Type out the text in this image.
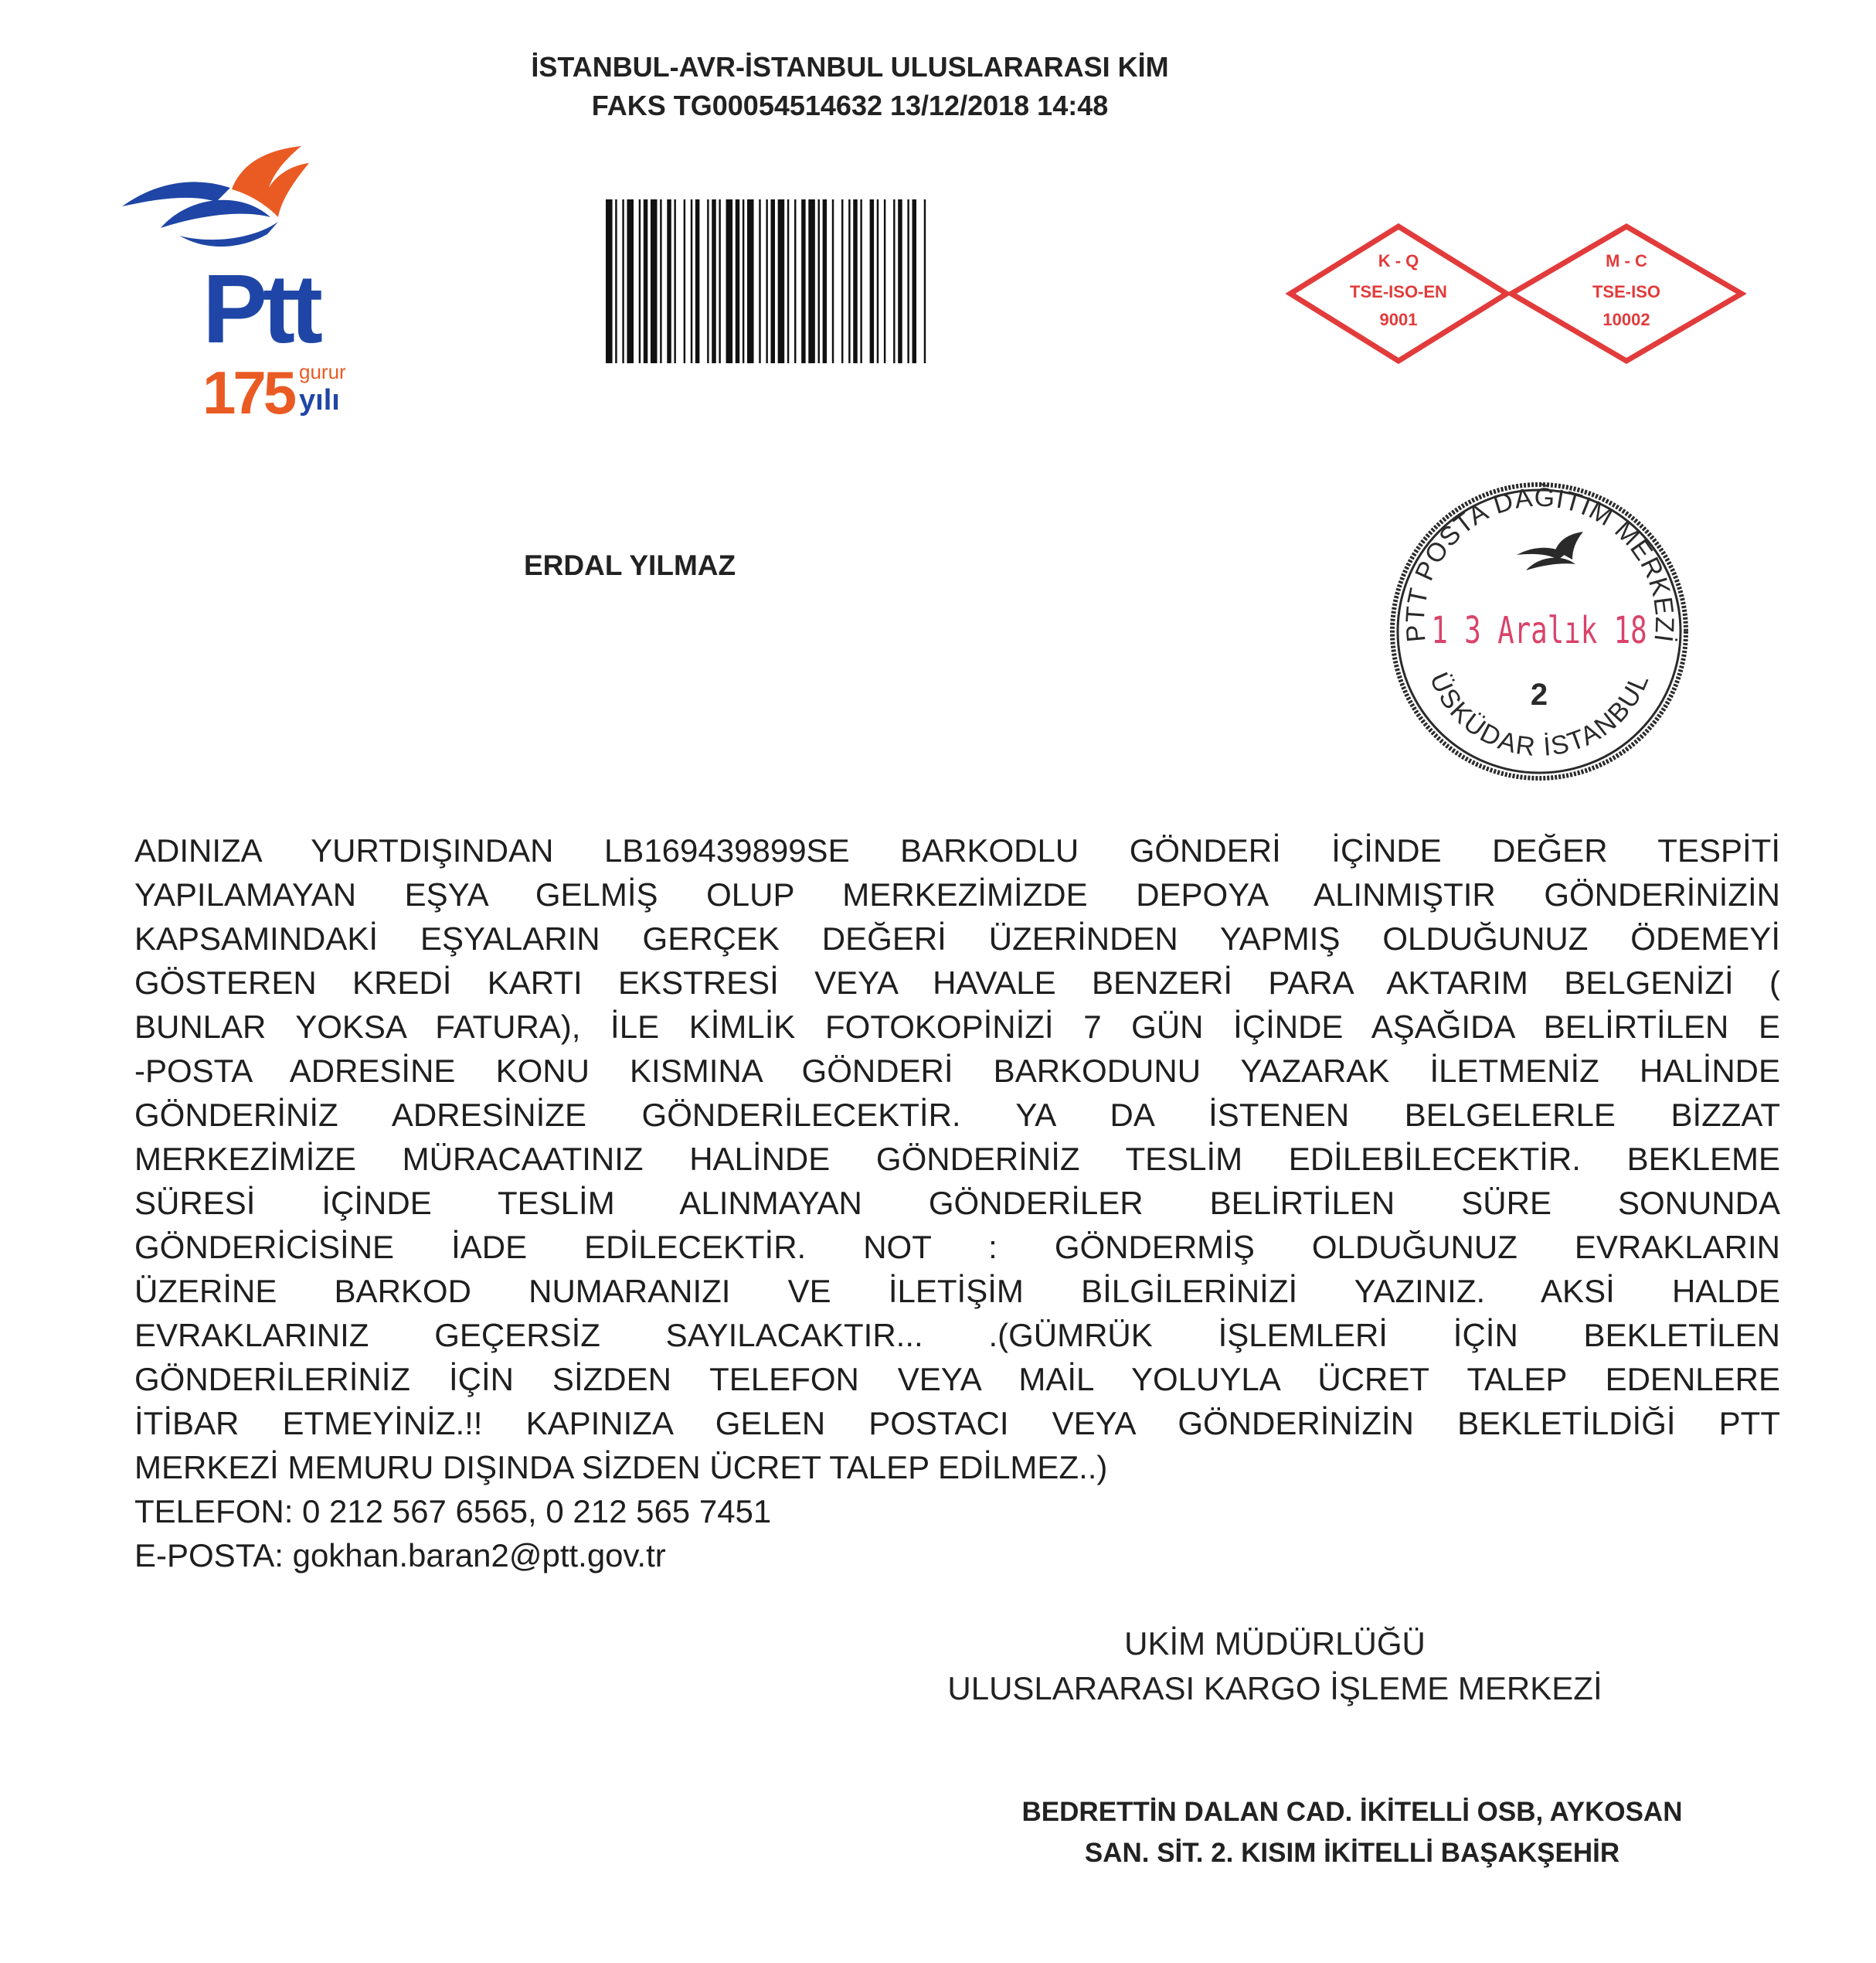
İSTANBUL-AVR-İSTANBUL ULUSLARARASI KİM
FAKS TG00054514632 13/12/2018 14:48
Ptt
175 gurur
yılı
K - Q
TSE-ISO-EN
9001
M - C
TSE-ISO
10002
PTT POSTA DAĞITIM MERKEZİ
ÜSKÜDAR İSTANBUL
1 3 Aralık 18
2
ERDAL YILMAZ
ADINIZA YURTDIŞINDAN LB169439899SE BARKODLU GÖNDERİ İÇİNDE DEĞER TESPİTİ
YAPILAMAYAN EŞYA GELMİŞ OLUP MERKEZİMİZDE DEPOYA ALINMIŞTIR GÖNDERİNİZİN
KAPSAMINDAKİ EŞYALARIN GERÇEK DEĞERİ ÜZERİNDEN YAPMIŞ OLDUĞUNUZ ÖDEMEYİ
GÖSTEREN KREDİ KARTI EKSTRESİ VEYA HAVALE BENZERİ PARA AKTARIM BELGENİZİ (
BUNLAR YOKSA FATURA), İLE KİMLİK FOTOKOPİNİZİ 7 GÜN İÇİNDE AŞAĞIDA BELİRTİLEN E
-POSTA ADRESİNE KONU KISMINA GÖNDERİ BARKODUNU YAZARAK İLETMENİZ HALİNDE
GÖNDERİNİZ ADRESİNİZE GÖNDERİLECEKTİR. YA DA İSTENEN BELGELERLE BİZZAT
MERKEZİMİZE MÜRACAATINIZ HALİNDE GÖNDERİNİZ TESLİM EDİLEBİLECEKTİR. BEKLEME
SÜRESİ İÇİNDE TESLİM ALINMAYAN GÖNDERİLER BELİRTİLEN SÜRE SONUNDA
GÖNDERİCİSİNE İADE EDİLECEKTİR. NOT : GÖNDERMİŞ OLDUĞUNUZ EVRAKLARIN
ÜZERİNE BARKOD NUMARANIZI VE İLETİŞİM BİLGİLERİNİZİ YAZINIZ. AKSİ HALDE
EVRAKLARINIZ GEÇERSİZ SAYILACAKTIR... .(GÜMRÜK İŞLEMLERİ İÇİN BEKLETİLEN
GÖNDERİLERİNİZ İÇİN SİZDEN TELEFON VEYA MAİL YOLUYLA ÜCRET TALEP EDENLERE
İTİBAR ETMEYİNİZ.!! KAPINIZA GELEN POSTACI VEYA GÖNDERİNİZİN BEKLETİLDİĞİ PTT
MERKEZİ MEMURU DIŞINDA SİZDEN ÜCRET TALEP EDİLMEZ..)
TELEFON: 0 212 567 6565, 0 212 565 7451
E-POSTA: gokhan.baran2@ptt.gov.tr
UKİM MÜDÜRLÜĞÜ
ULUSLARARASI KARGO İŞLEME MERKEZİ
BEDRETTİN DALAN CAD. İKİTELLİ OSB, AYKOSAN
SAN. SİT. 2. KISIM İKİTELLİ BAŞAKŞEHİR
